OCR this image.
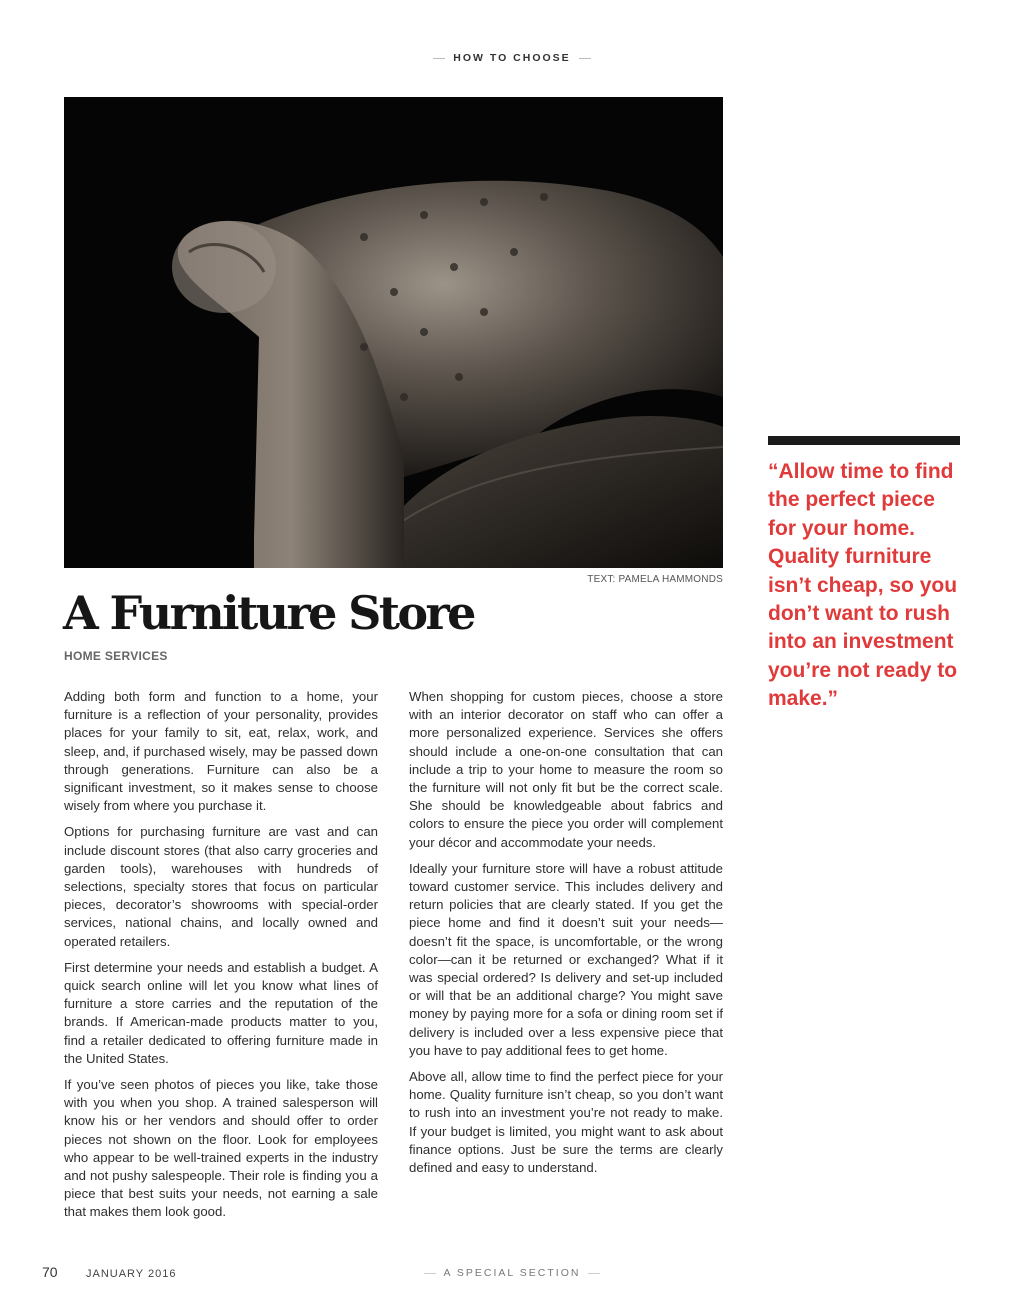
HOW TO CHOOSE
TEXT: PAMELA HAMMONDS
A Furniture Store
HOME SERVICES

Adding both form and function to a home, your furniture is a reflection of your personality, provides places for your family to sit, eat, relax, work, and sleep, and, if purchased wisely, may be passed down through generations. Furniture can also be a significant investment, so it makes sense to choose wisely from where you purchase it.

Options for purchasing furniture are vast and can include discount stores (that also carry groceries and garden tools), warehouses with hundreds of selections, specialty stores that focus on particular pieces, decorator’s showrooms with special-order services, national chains, and locally owned and operated retailers.

First determine your needs and establish a budget. A quick search online will let you know what lines of furniture a store carries and the reputation of the brands. If American-made products matter to you, find a retailer dedicated to offering furniture made in the United States.

If you’ve seen photos of pieces you like, take those with you when you shop. A trained salesperson will know his or her vendors and should offer to order pieces not shown on the floor. Look for employees who appear to be well-trained experts in the industry and not pushy salespeople. Their role is finding you a piece that best suits your needs, not earning a sale that makes them look good.

When shopping for custom pieces, choose a store with an interior decorator on staff who can offer a more personalized experience. Services she offers should include a one-on-one consultation that can include a trip to your home to measure the room so the furniture will not only fit but be the correct scale. She should be knowledgeable about fabrics and colors to ensure the piece you order will complement your décor and accommodate your needs.

Ideally your furniture store will have a robust attitude toward customer service. This includes delivery and return policies that are clearly stated. If you get the piece home and find it doesn’t suit your needs—doesn’t fit the space, is uncomfortable, or the wrong color—can it be returned or exchanged? What if it was special ordered? Is delivery and set-up included or will that be an additional charge? You might save money by paying more for a sofa or dining room set if delivery is included over a less expensive piece that you have to pay additional fees to get home.

Above all, allow time to find the perfect piece for your home. Quality furniture isn’t cheap, so you don’t want to rush into an investment you’re not ready to make. If your budget is limited, you might want to ask about finance options. Just be sure the terms are clearly defined and easy to understand.

“Allow time to find the perfect piece for your home. Quality furniture isn’t cheap, so you don’t want to rush into an investment you’re not ready to make.”
70	JANUARY 2016	A SPECIAL SECTION
